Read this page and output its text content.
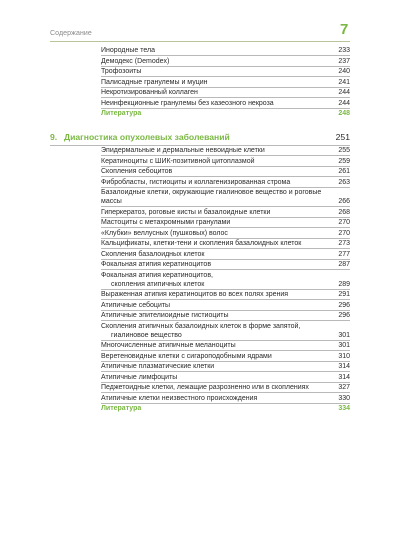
Содержание	7
Инородные тела	233
Демодекс (Demodex)	237
Трофозоиты	240
Палисадные гранулемы и муцин	241
Некротизированный коллаген	244
Неинфекционные гранулемы без казеозного некроза	244
Литература	248
9. Диагностика опухолевых заболеваний	251
Эпидермальные и дермальные невоидные клетки	255
Кератиноциты с ШИК-позитивной цитоплазмой	259
Скопления себоцитов	261
Фибробласты, гистиоциты и коллагенизированная строма	263
Базалоидные клетки, окружающие гиалиновое вещество и роговые
массы	266
Гиперкератоз, роговые кисты и базалоидные клетки	268
Мастоциты с метахромными гранулами	270
«Клубки» веллусных (пушковых) волос	270
Кальцификаты, клетки-тени и скопления базалоидных клеток	273
Скопления базалоидных клеток	277
Фокальная атипия кератиноцитов	287
Фокальная атипия кератиноцитов,
скопления атипичных клеток	289
Выраженная атипия кератиноцитов во всех полях зрения	291
Атипичные себоциты	296
Атипичные эпителиоидные гистиоциты	296
Скопления атипичных базалоидных клеток в форме запятой,
гиалиновое вещество	301
Многочисленные атипичные меланоциты	301
Веретеновидные клетки с сигароподобными ядрами	310
Атипичные плазматические клетки	314
Атипичные лимфоциты	314
Педжетоидные клетки, лежащие разрозненно или в скоплениях	327
Атипичные клетки неизвестного происхождения	330
Литература	334
